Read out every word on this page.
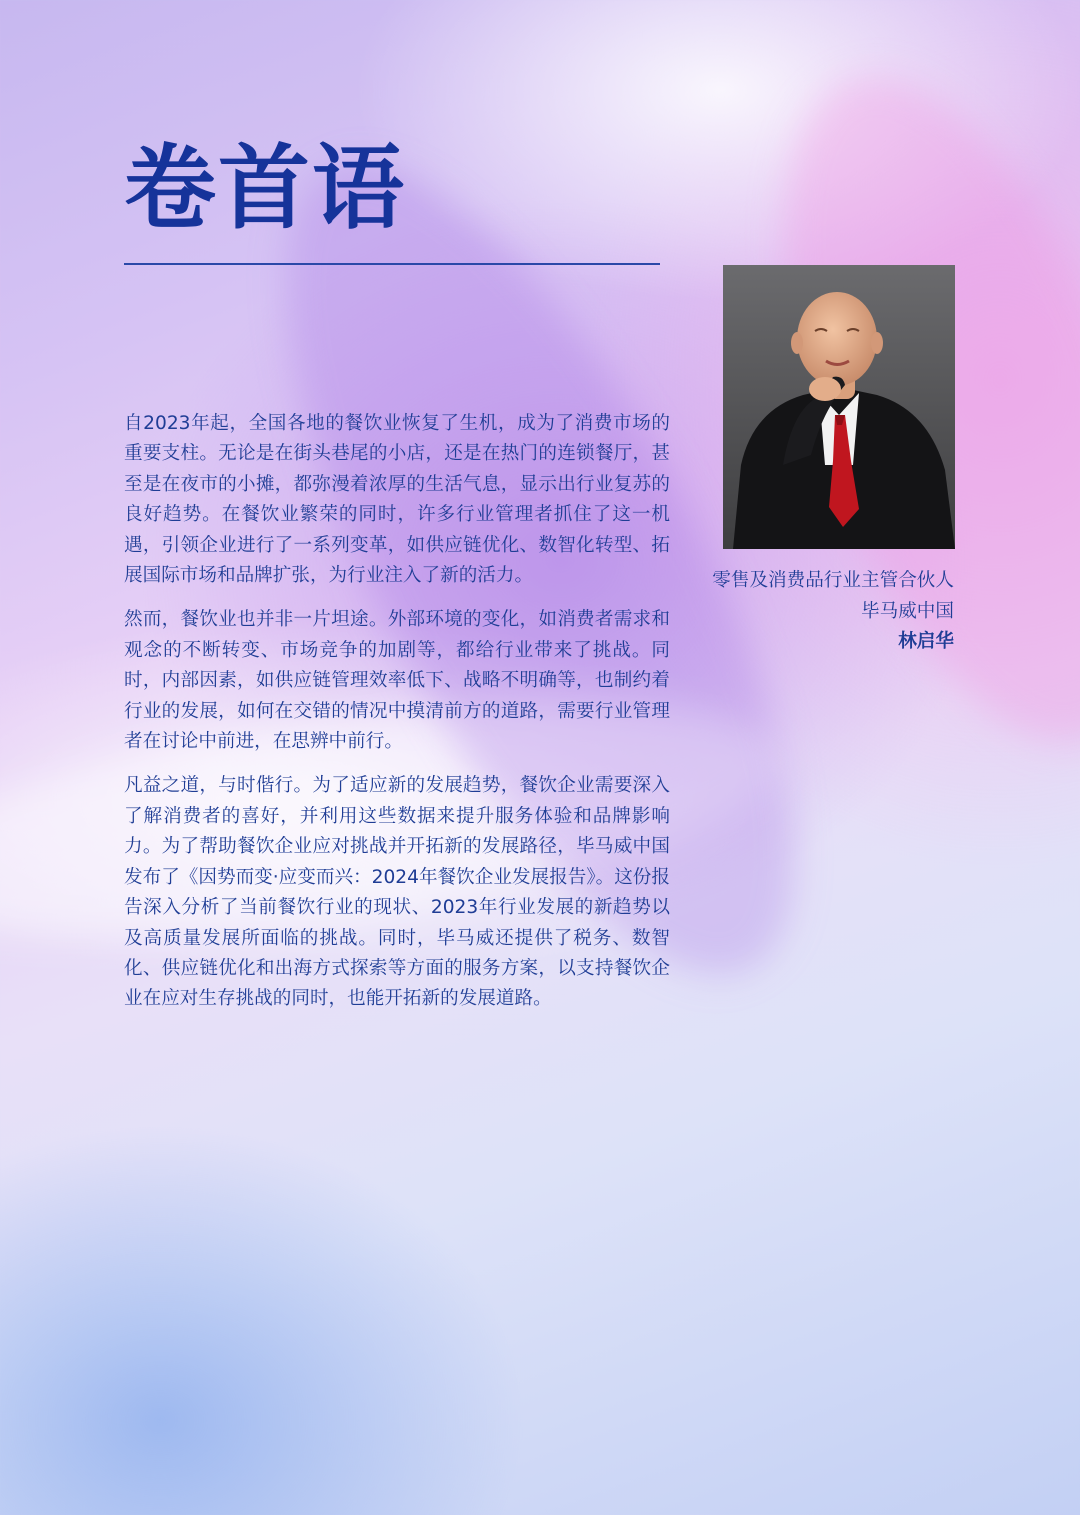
卷首语

自2023年起，全国各地的餐饮业恢复了生机，成为了消费市场的重要支柱。无论是在街头巷尾的小店，还是在热门的连锁餐厅，甚至是在夜市的小摊，都弥漫着浓厚的生活气息，显示出行业复苏的良好趋势。在餐饮业繁荣的同时，许多行业管理者抓住了这一机遇，引领企业进行了一系列变革，如供应链优化、数智化转型、拓展国际市场和品牌扩张，为行业注入了新的活力。

然而，餐饮业也并非一片坦途。外部环境的变化，如消费者需求和观念的不断转变、市场竞争的加剧等，都给行业带来了挑战。同时，内部因素，如供应链管理效率低下、战略不明确等，也制约着行业的发展，如何在交错的情况中摸清前方的道路，需要行业管理者在讨论中前进，在思辨中前行。

凡益之道，与时偕行。为了适应新的发展趋势，餐饮企业需要深入了解消费者的喜好，并利用这些数据来提升服务体验和品牌影响力。为了帮助餐饮企业应对挑战并开拓新的发展路径，毕马威中国发布了《因势而变·应变而兴：2024年餐饮企业发展报告》。这份报告深入分析了当前餐饮行业的现状、2023年行业发展的新趋势以及高质量发展所面临的挑战。同时，毕马威还提供了税务、数智化、供应链优化和出海方式探索等方面的服务方案，以支持餐饮企业在应对生存挑战的同时，也能开拓新的发展道路。

零售及消费品行业主管合伙人
毕马威中国
林启华
